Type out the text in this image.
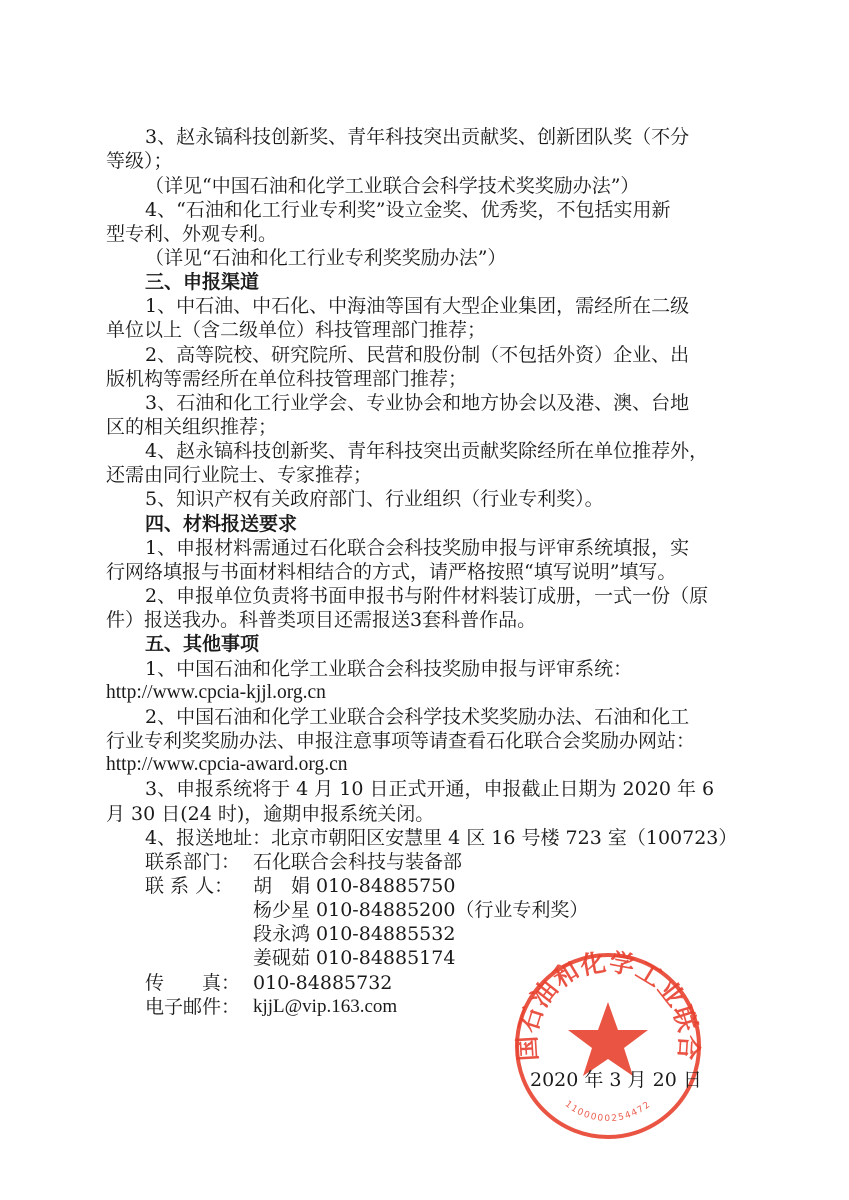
3、赵永镐科技创新奖、青年科技突出贡献奖、创新团队奖（不分
等级）；
（详见“中国石油和化学工业联合会科学技术奖奖励办法”）
4、“石油和化工行业专利奖”设立金奖、优秀奖，不包括实用新
型专利、外观专利。
（详见“石油和化工行业专利奖奖励办法”）
三、申报渠道
1、中石油、中石化、中海油等国有大型企业集团，需经所在二级
单位以上（含二级单位）科技管理部门推荐；
2、高等院校、研究院所、民营和股份制（不包括外资）企业、出
版机构等需经所在单位科技管理部门推荐；
3、石油和化工行业学会、专业协会和地方协会以及港、澳、台地
区的相关组织推荐；
4、赵永镐科技创新奖、青年科技突出贡献奖除经所在单位推荐外，
还需由同行业院士、专家推荐；
5、知识产权有关政府部门、行业组织（行业专利奖）。
四、材料报送要求
1、申报材料需通过石化联合会科技奖励申报与评审系统填报，实
行网络填报与书面材料相结合的方式，请严格按照“填写说明”填写。
2、申报单位负责将书面申报书与附件材料装订成册，一式一份（原
件）报送我办。科普类项目还需报送3套科普作品。
五、其他事项
1、中国石油和化学工业联合会科技奖励申报与评审系统：
http://www.cpcia-kjjl.org.cn
2、中国石油和化学工业联合会科学技术奖奖励办法、石油和化工
行业专利奖奖励办法、申报注意事项等请查看石化联合会奖励办网站：
http://www.cpcia-award.org.cn
3、申报系统将于 4 月 10 日正式开通，申报截止日期为 2020 年 6
月 30 日(24 时)，逾期申报系统关闭。
4、报送地址：北京市朝阳区安慧里 4 区 16 号楼 723 室（100723）
联系部门： 石化联合会科技与装备部
联 系 人： 胡　娟 010-84885750
杨少星 010-84885200（行业专利奖）
段永鸿 010-84885532
姜砚茹 010-84885174
传　　真： 010-84885732
电子邮件： kjjL@vip.163.com
国石油和化学工业联合
1100000254472
2020 年 3 月 20 日
